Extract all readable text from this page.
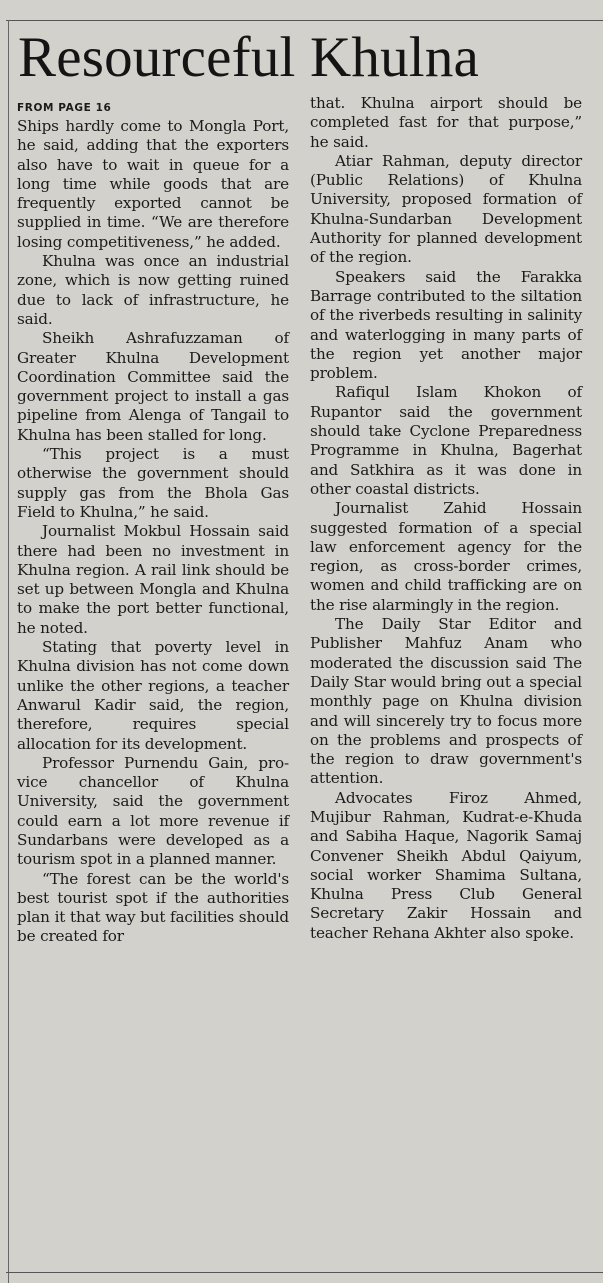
Resourceful Khulna
FROM PAGE 16

Ships hardly come to Mongla Port, he said, adding that the exporters also have to wait in queue for a long time while goods that are frequently exported cannot be supplied in time. “We are therefore losing competitiveness,” he added.

Khulna was once an industrial zone, which is now getting ruined due to lack of infrastructure, he said.

Sheikh Ashrafuzzaman of Greater Khulna Development Coordination Committee said the government project to install a gas pipeline from Alenga of Tangail to Khulna has been stalled for long.

“This project is a must otherwise the government should supply gas from the Bhola Gas Field to Khulna,” he said.

Journalist Mokbul Hossain said there had been no investment in Khulna region. A rail link should be set up between Mongla and Khulna to make the port better functional, he noted.

Stating that poverty level in Khulna division has not come down unlike the other regions, a teacher Anwarul Kadir said, the region, therefore, requires special allocation for its development.

Professor Purnendu Gain, pro-vice chancellor of Khulna University, said the government could earn a lot more revenue if Sundarbans were developed as a tourism spot in a planned manner.

“The forest can be the world's best tourist spot if the authorities plan it that way but facilities should be created for

that. Khulna airport should be completed fast for that purpose,” he said.

Atiar Rahman, deputy director (Public Relations) of Khulna University, proposed formation of Khulna-Sundarban Development Authority for planned development of the region.

Speakers said the Farakka Barrage contributed to the siltation of the riverbeds resulting in salinity and waterlogging in many parts of the region yet another major problem.

Rafiqul Islam Khokon of Rupantor said the government should take Cyclone Preparedness Programme in Khulna, Bagerhat and Satkhira as it was done in other coastal districts.

Journalist Zahid Hossain suggested formation of a special law enforcement agency for the region, as cross-border crimes, women and child trafficking are on the rise alarmingly in the region.

The Daily Star Editor and Publisher Mahfuz Anam who moderated the discussion said The Daily Star would bring out a special monthly page on Khulna division and will sincerely try to focus more on the problems and prospects of the region to draw government's attention.

Advocates Firoz Ahmed, Mujibur Rahman, Kudrat-e-Khuda and Sabiha Haque, Nagorik Samaj Convener Sheikh Abdul Qaiyum, social worker Shamima Sultana, Khulna Press Club General Secretary Zakir Hossain and teacher Rehana Akhter also spoke.
